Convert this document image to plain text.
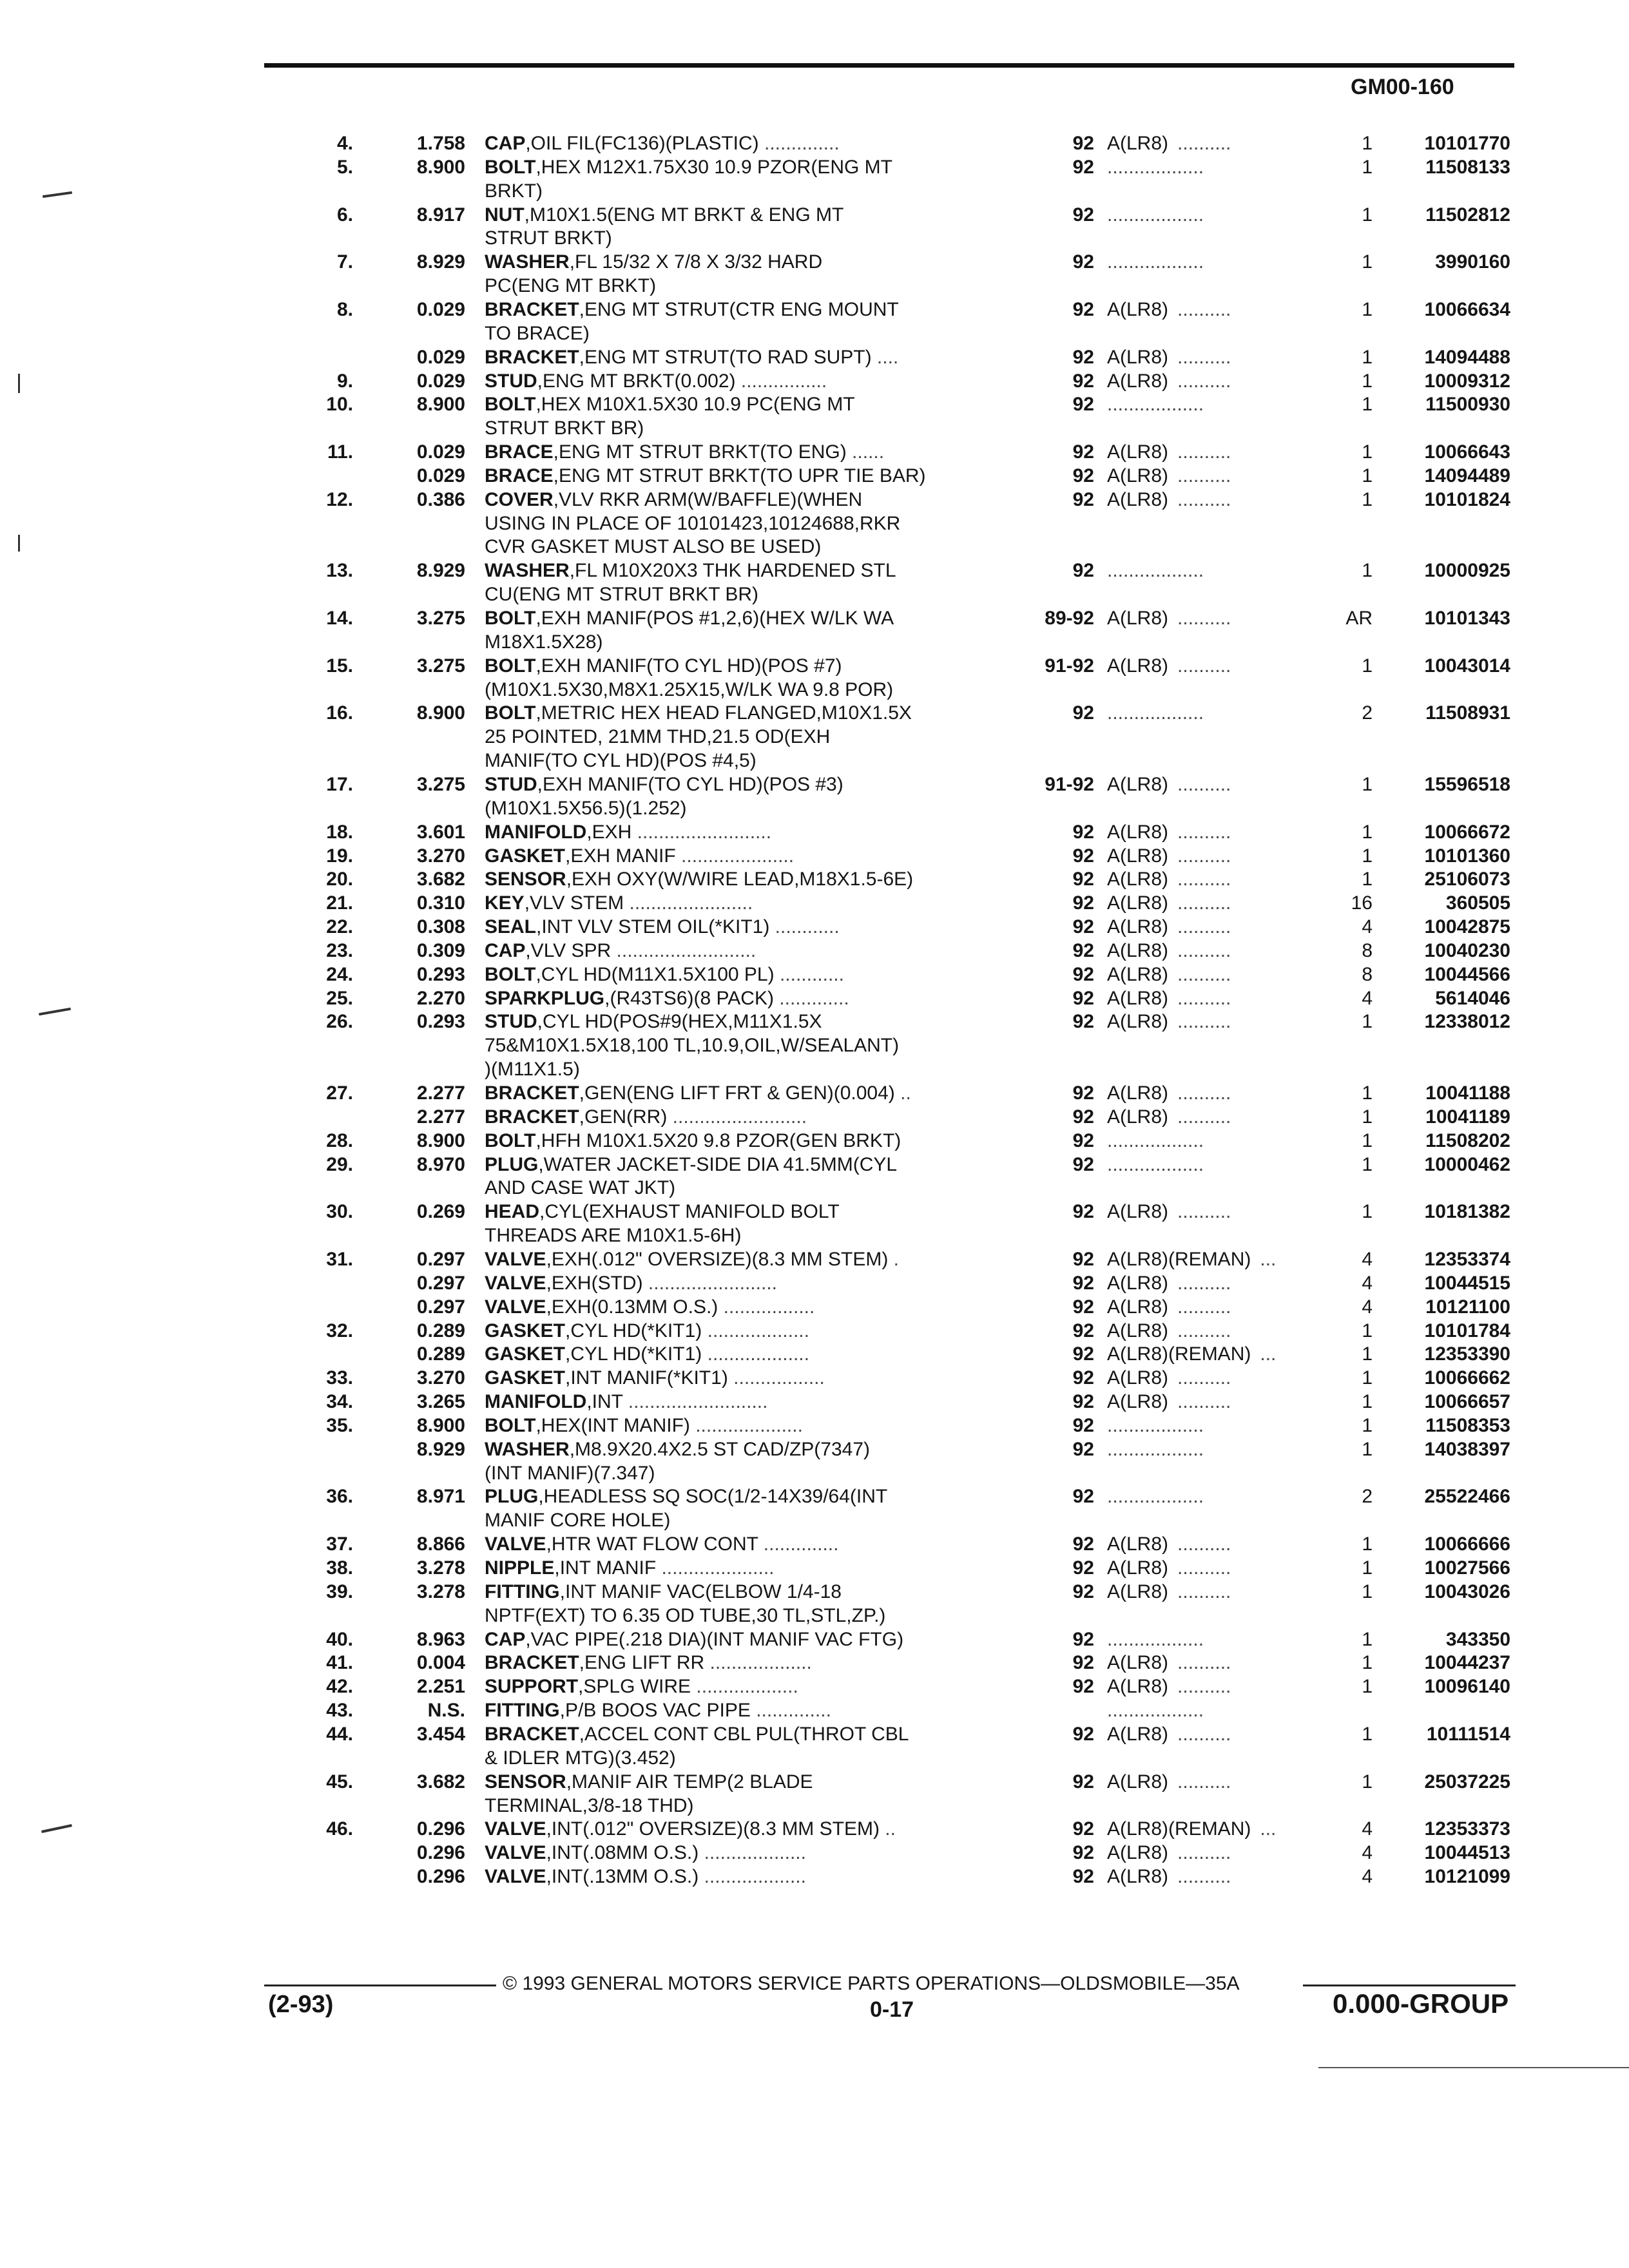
GM00-160
4.	1.758 CAP,OIL FIL(FC136)(PLASTIC) ..............	92 A(LR8) ..........	1	10101770
5.	8.900 BOLT,HEX M12X1.75X30 10.9 PZOR(ENG MT	92 ..................	1	11508133
BRKT)
6.	8.917 NUT,M10X1.5(ENG MT BRKT & ENG MT	92 ..................	1	11502812
STRUT BRKT)
7.	8.929 WASHER,FL 15/32 X 7/8 X 3/32 HARD	92 ..................	1	3990160
PC(ENG MT BRKT)
8.	0.029 BRACKET,ENG MT STRUT(CTR ENG MOUNT	92 A(LR8) ..........	1	10066634
TO BRACE)
0.029 BRACKET,ENG MT STRUT(TO RAD SUPT) ....	92 A(LR8) ..........	1	14094488
9.	0.029 STUD,ENG MT BRKT(0.002) ................	92 A(LR8) ..........	1	10009312
10.	8.900 BOLT,HEX M10X1.5X30 10.9 PC(ENG MT	92 ..................	1	11500930
STRUT BRKT BR)
11.	0.029 BRACE,ENG MT STRUT BRKT(TO ENG) ......	92 A(LR8) ..........	1	10066643
0.029 BRACE,ENG MT STRUT BRKT(TO UPR TIE BAR)	92 A(LR8) ..........	1	14094489
12.	0.386 COVER,VLV RKR ARM(W/BAFFLE)(WHEN	92 A(LR8) ..........	1	10101824
USING IN PLACE OF 10101423,10124688,RKR
CVR GASKET MUST ALSO BE USED)
13.	8.929 WASHER,FL M10X20X3 THK HARDENED STL	92 ..................	1	10000925
CU(ENG MT STRUT BRKT BR)
14.	3.275 BOLT,EXH MANIF(POS #1,2,6)(HEX W/LK WA	89-92 A(LR8) ..........	AR	10101343
M18X1.5X28)
15.	3.275 BOLT,EXH MANIF(TO CYL HD)(POS #7)	91-92 A(LR8) ..........	1	10043014
(M10X1.5X30,M8X1.25X15,W/LK WA 9.8 POR)
16.	8.900 BOLT,METRIC HEX HEAD FLANGED,M10X1.5X	92 ..................	2	11508931
25 POINTED, 21MM THD,21.5 OD(EXH
MANIF(TO CYL HD)(POS #4,5)
17.	3.275 STUD,EXH MANIF(TO CYL HD)(POS #3)	91-92 A(LR8) ..........	1	15596518
(M10X1.5X56.5)(1.252)
18.	3.601 MANIFOLD,EXH .........................	92 A(LR8) ..........	1	10066672
19.	3.270 GASKET,EXH MANIF .....................	92 A(LR8) ..........	1	10101360
20.	3.682 SENSOR,EXH OXY(W/WIRE LEAD,M18X1.5-6E)	92 A(LR8) ..........	1	25106073
21.	0.310 KEY,VLV STEM .......................	92 A(LR8) ..........	16	360505
22.	0.308 SEAL,INT VLV STEM OIL(*KIT1) ............	92 A(LR8) ..........	4	10042875
23.	0.309 CAP,VLV SPR ..........................	92 A(LR8) ..........	8	10040230
24.	0.293 BOLT,CYL HD(M11X1.5X100 PL) ............	92 A(LR8) ..........	8	10044566
25.	2.270 SPARKPLUG,(R43TS6)(8 PACK) .............	92 A(LR8) ..........	4	5614046
26.	0.293 STUD,CYL HD(POS#9(HEX,M11X1.5X	92 A(LR8) ..........	1	12338012
75&M10X1.5X18,100 TL,10.9,OIL,W/SEALANT)
)(M11X1.5)
27.	2.277 BRACKET,GEN(ENG LIFT FRT & GEN)(0.004) ..	92 A(LR8) ..........	1	10041188
2.277 BRACKET,GEN(RR) .........................	92 A(LR8) ..........	1	10041189
28.	8.900 BOLT,HFH M10X1.5X20 9.8 PZOR(GEN BRKT)	92 ..................	1	11508202
29.	8.970 PLUG,WATER JACKET-SIDE DIA 41.5MM(CYL	92 ..................	1	10000462
AND CASE WAT JKT)
30.	0.269 HEAD,CYL(EXHAUST MANIFOLD BOLT	92 A(LR8) ..........	1	10181382
THREADS ARE M10X1.5-6H)
31.	0.297 VALVE,EXH(.012" OVERSIZE)(8.3 MM STEM) .	92 A(LR8)(REMAN) ...	4	12353374
0.297 VALVE,EXH(STD) ........................	92 A(LR8) ..........	4	10044515
0.297 VALVE,EXH(0.13MM O.S.) .................	92 A(LR8) ..........	4	10121100
32.	0.289 GASKET,CYL HD(*KIT1) ...................	92 A(LR8) ..........	1	10101784
0.289 GASKET,CYL HD(*KIT1) ...................	92 A(LR8)(REMAN) ...	1	12353390
33.	3.270 GASKET,INT MANIF(*KIT1) .................	92 A(LR8) ..........	1	10066662
34.	3.265 MANIFOLD,INT ..........................	92 A(LR8) ..........	1	10066657
35.	8.900 BOLT,HEX(INT MANIF) ....................	92 ..................	1	11508353
8.929 WASHER,M8.9X20.4X2.5 ST CAD/ZP(7347)	92 ..................	1	14038397
(INT MANIF)(7.347)
36.	8.971 PLUG,HEADLESS SQ SOC(1/2-14X39/64(INT	92 ..................	2	25522466
MANIF CORE HOLE)
37.	8.866 VALVE,HTR WAT FLOW CONT ..............	92 A(LR8) ..........	1	10066666
38.	3.278 NIPPLE,INT MANIF .....................	92 A(LR8) ..........	1	10027566
39.	3.278 FITTING,INT MANIF VAC(ELBOW 1/4-18	92 A(LR8) ..........	1	10043026
NPTF(EXT) TO 6.35 OD TUBE,30 TL,STL,ZP.)
40.	8.963 CAP,VAC PIPE(.218 DIA)(INT MANIF VAC FTG)	92 ..................	1	343350
41.	0.004 BRACKET,ENG LIFT RR ...................	92 A(LR8) ..........	1	10044237
42.	2.251 SUPPORT,SPLG WIRE ...................	92 A(LR8) ..........	1	10096140
43.	N.S. FITTING,P/B BOOS VAC PIPE ..............	..................
44.	3.454 BRACKET,ACCEL CONT CBL PUL(THROT CBL	92 A(LR8) ..........	1	10111514
& IDLER MTG)(3.452)
45.	3.682 SENSOR,MANIF AIR TEMP(2 BLADE	92 A(LR8) ..........	1	25037225
TERMINAL,3/8-18 THD)
46.	0.296 VALVE,INT(.012" OVERSIZE)(8.3 MM STEM) ..	92 A(LR8)(REMAN) ...	4	12353373
0.296 VALVE,INT(.08MM O.S.) ...................	92 A(LR8) ..........	4	10044513
0.296 VALVE,INT(.13MM O.S.) ...................	92 A(LR8) ..........	4	10121099
© 1993 GENERAL MOTORS SERVICE PARTS OPERATIONS—OLDSMOBILE—35A
(2-93)	0-17	0.000-GROUP
